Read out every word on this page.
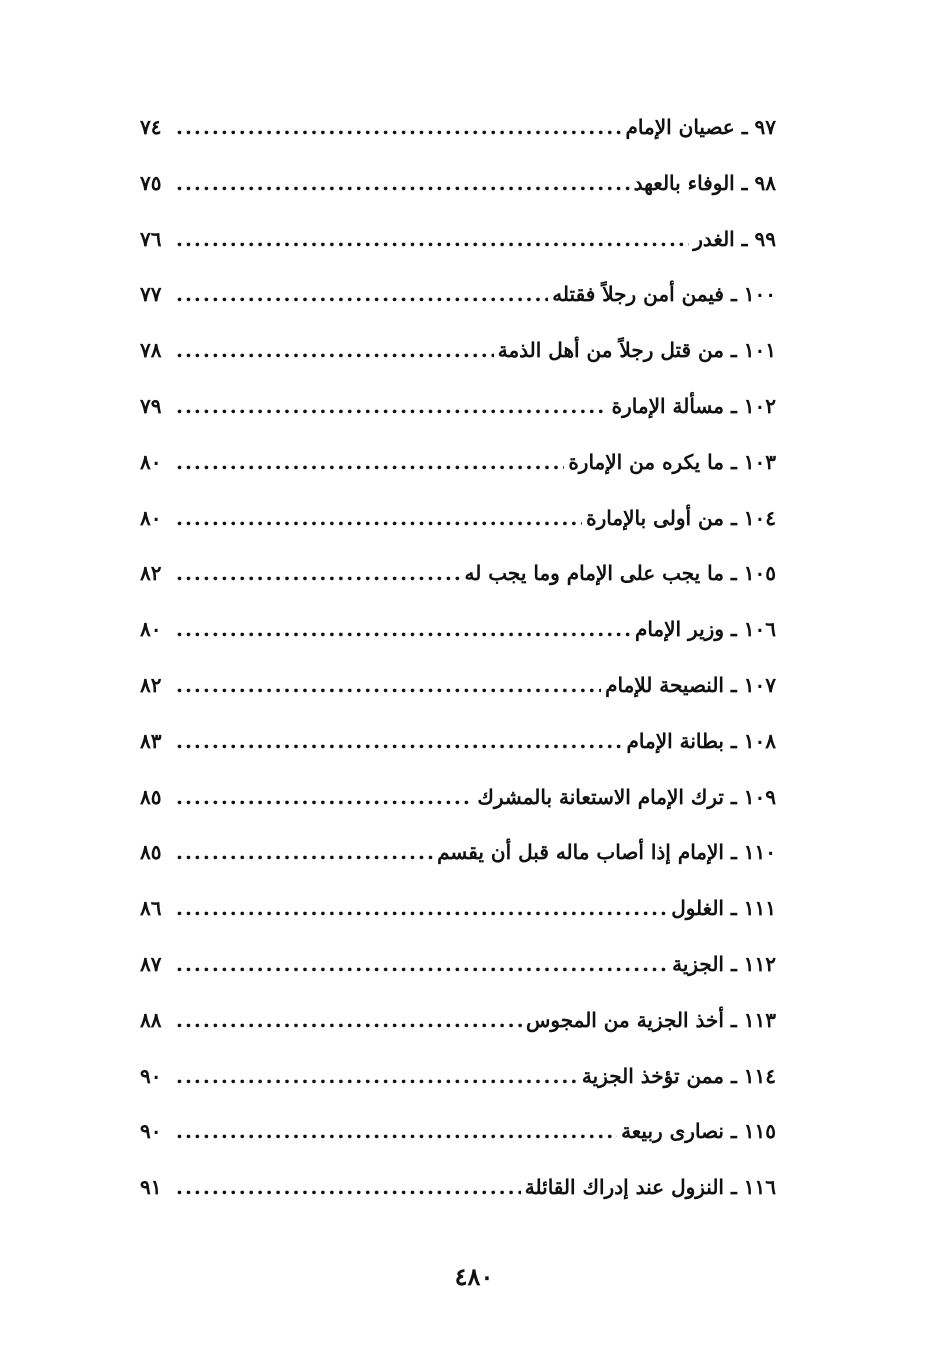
٩٧ ـ عصيان الإمام
.....
٧٤
٩٨ ـ الوفاء بالعهد
.....
٧٥
٩٩ ـ الغدر
.....
٧٦
١٠٠ ـ فيمن أمن رجلاً فقتله
.....
٧٧
١٠١ ـ من قتل رجلاً من أهل الذمة
.....
٧٨
١٠٢ ـ مسألة الإمارة
.....
٧٩
١٠٣ ـ ما يكره من الإمارة
.....
٨٠
١٠٤ ـ من أولى بالإمارة
.....
٨٠
١٠٥ ـ ما يجب على الإمام وما يجب له
.....
٨٢
١٠٦ ـ وزير الإمام
.....
٨٠
١٠٧ ـ النصيحة للإمام
.....
٨٢
١٠٨ ـ بطانة الإمام
.....
٨٣
١٠٩ ـ ترك الإمام الاستعانة بالمشرك
.....
٨٥
١١٠ ـ الإمام إذا أصاب ماله قبل أن يقسم
.....
٨٥
١١١ ـ الغلول
.....
٨٦
١١٢ ـ الجزية
.....
٨٧
١١٣ ـ أخذ الجزية من المجوس
.....
٨٨
١١٤ ـ ممن تؤخذ الجزية
.....
٩٠
١١٥ ـ نصارى ربيعة
.....
٩٠
١١٦ ـ النزول عند إدراك القائلة
.....
٩١
٤٨٠
